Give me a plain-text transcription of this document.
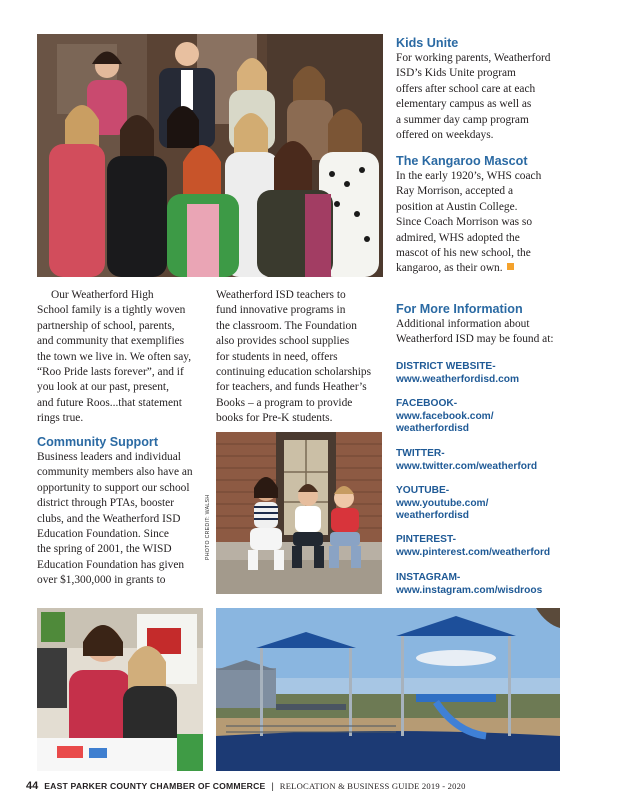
PHOTO CREDIT: WALSH
Kids Unite

For working parents, Weatherford
ISD’s Kids Unite program
offers after school care at each
elementary campus as well as
a summer day camp program
offered on weekdays.

The Kangaroo Mascot

In the early 1920’s, WHS coach
Ray Morrison, accepted a
position at Austin College.
Since Coach Morrison was so
admired, WHS adopted the
mascot of his new school, the
kangaroo, as their own.

Our Weatherford High
School family is a tightly woven
partnership of school, parents,
and community that exemplifies
the town we live in. We often say,
“Roo Pride lasts forever”, and if
you look at our past, present,
and future Roos...that statement
rings true.

Community Support

Business leaders and individual
community members also have an
opportunity to support our school
district through PTAs, booster
clubs, and the Weatherford ISD
Education Foundation. Since
the spring of 2001, the WISD
Education Foundation has given
over $1,300,000 in grants to

Weatherford ISD teachers to
fund innovative programs in
the classroom. The Foundation
also provides school supplies
for students in need, offers
continuing education scholarships
for teachers, and funds Heather’s
Books – a program to provide
books for Pre-K students.

For More Information

Additional information about
Weatherford ISD may be found at:

DISTRICT WEBSITE-
www.weatherfordisd.com
FACEBOOK-
www.facebook.com/
weatherfordisd
TWITTER-
www.twitter.com/weatherford
YOUTUBE-
www.youtube.com/
weatherfordisd
PINTEREST-
www.pinterest.com/weatherford
INSTAGRAM-
www.instagram.com/wisdroos
44 EAST PARKER COUNTY CHAMBER OF COMMERCE | RELOCATION & BUSINESS GUIDE 2019 - 2020
